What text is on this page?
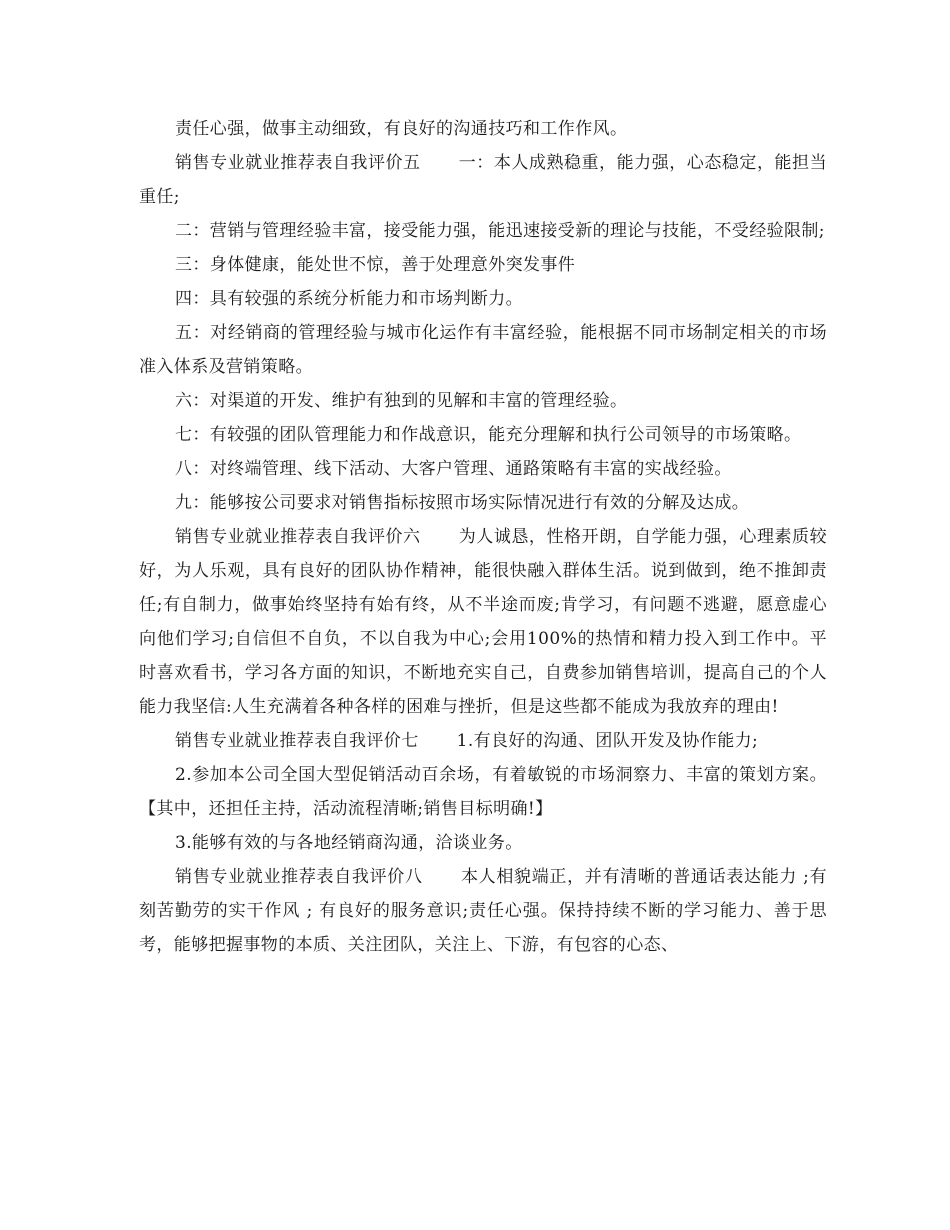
责任心强，做事主动细致，有良好的沟通技巧和工作作风。

销售专业就业推荐表自我评价五 一：本人成熟稳重，能力强，心态稳定，能担当重任;

二：营销与管理经验丰富，接受能力强，能迅速接受新的理论与技能，不受经验限制;

三：身体健康，能处世不惊，善于处理意外突发事件

四：具有较强的系统分析能力和市场判断力。

五：对经销商的管理经验与城市化运作有丰富经验，能根据不同市场制定相关的市场准入体系及营销策略。

六：对渠道的开发、维护有独到的见解和丰富的管理经验。

七：有较强的团队管理能力和作战意识，能充分理解和执行公司领导的市场策略。

八：对终端管理、线下活动、大客户管理、通路策略有丰富的实战经验。

九：能够按公司要求对销售指标按照市场实际情况进行有效的分解及达成。

销售专业就业推荐表自我评价六 为人诚恳，性格开朗，自学能力强，心理素质较好，为人乐观，具有良好的团队协作精神，能很快融入群体生活。说到做到，绝不推卸责任;有自制力，做事始终坚持有始有终，从不半途而废;肯学习，有问题不逃避，愿意虚心向他们学习;自信但不自负，不以自我为中心;会用100%的热情和精力投入到工作中。平时喜欢看书，学习各方面的知识，不断地充实自己，自费参加销售培训，提高自己的个人能力我坚信:人生充满着各种各样的困难与挫折，但是这些都不能成为我放弃的理由!

销售专业就业推荐表自我评价七 1.有良好的沟通、团队开发及协作能力;

2.参加本公司全国大型促销活动百余场，有着敏锐的市场洞察力、丰富的策划方案。【其中，还担任主持，活动流程清晰;销售目标明确!】

3.能够有效的与各地经销商沟通，洽谈业务。

销售专业就业推荐表自我评价八 本人相貌端正，并有清晰的普通话表达能力 ;有刻苦勤劳的实干作风 ; 有良好的服务意识;责任心强。保持持续不断的学习能力、善于思考，能够把握事物的本质、关注团队，关注上、下游，有包容的心态、
